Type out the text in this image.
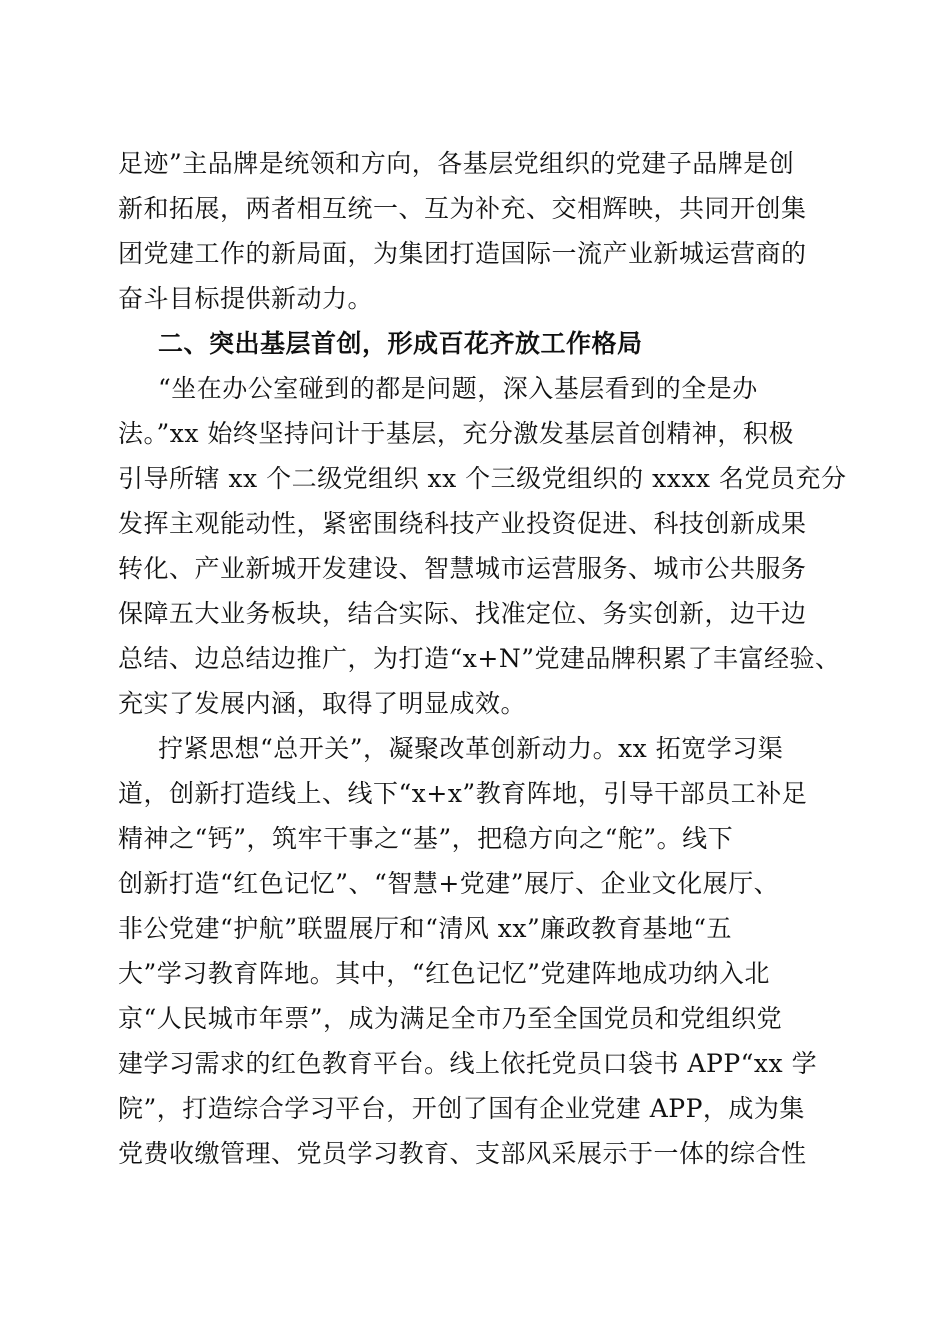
足迹”主品牌是统领和方向，各基层党组织的党建子品牌是创
新和拓展，两者相互统一、互为补充、交相辉映，共同开创集
团党建工作的新局面，为集团打造国际一流产业新城运营商的
奋斗目标提供新动力。
二、突出基层首创，形成百花齐放工作格局
“坐在办公室碰到的都是问题，深入基层看到的全是办
法。”xx 始终坚持问计于基层，充分激发基层首创精神，积极
引导所辖 xx 个二级党组织 xx 个三级党组织的 xxxx 名党员充分
发挥主观能动性，紧密围绕科技产业投资促进、科技创新成果
转化、产业新城开发建设、智慧城市运营服务、城市公共服务
保障五大业务板块，结合实际、找准定位、务实创新，边干边
总结、边总结边推广，为打造“x+N”党建品牌积累了丰富经验、
充实了发展内涵，取得了明显成效。
拧紧思想“总开关”，凝聚改革创新动力。xx 拓宽学习渠
道，创新打造线上、线下“x+x”教育阵地，引导干部员工补足
精神之“钙”，筑牢干事之“基”，把稳方向之“舵”。线下
创新打造“红色记忆”、“智慧+党建”展厅、企业文化展厅、
非公党建“护航”联盟展厅和“清风 xx”廉政教育基地“五
大”学习教育阵地。其中，“红色记忆”党建阵地成功纳入北
京“人民城市年票”，成为满足全市乃至全国党员和党组织党
建学习需求的红色教育平台。线上依托党员口袋书 APP“xx 学
院”，打造综合学习平台，开创了国有企业党建 APP，成为集
党费收缴管理、党员学习教育、支部风采展示于一体的综合性
